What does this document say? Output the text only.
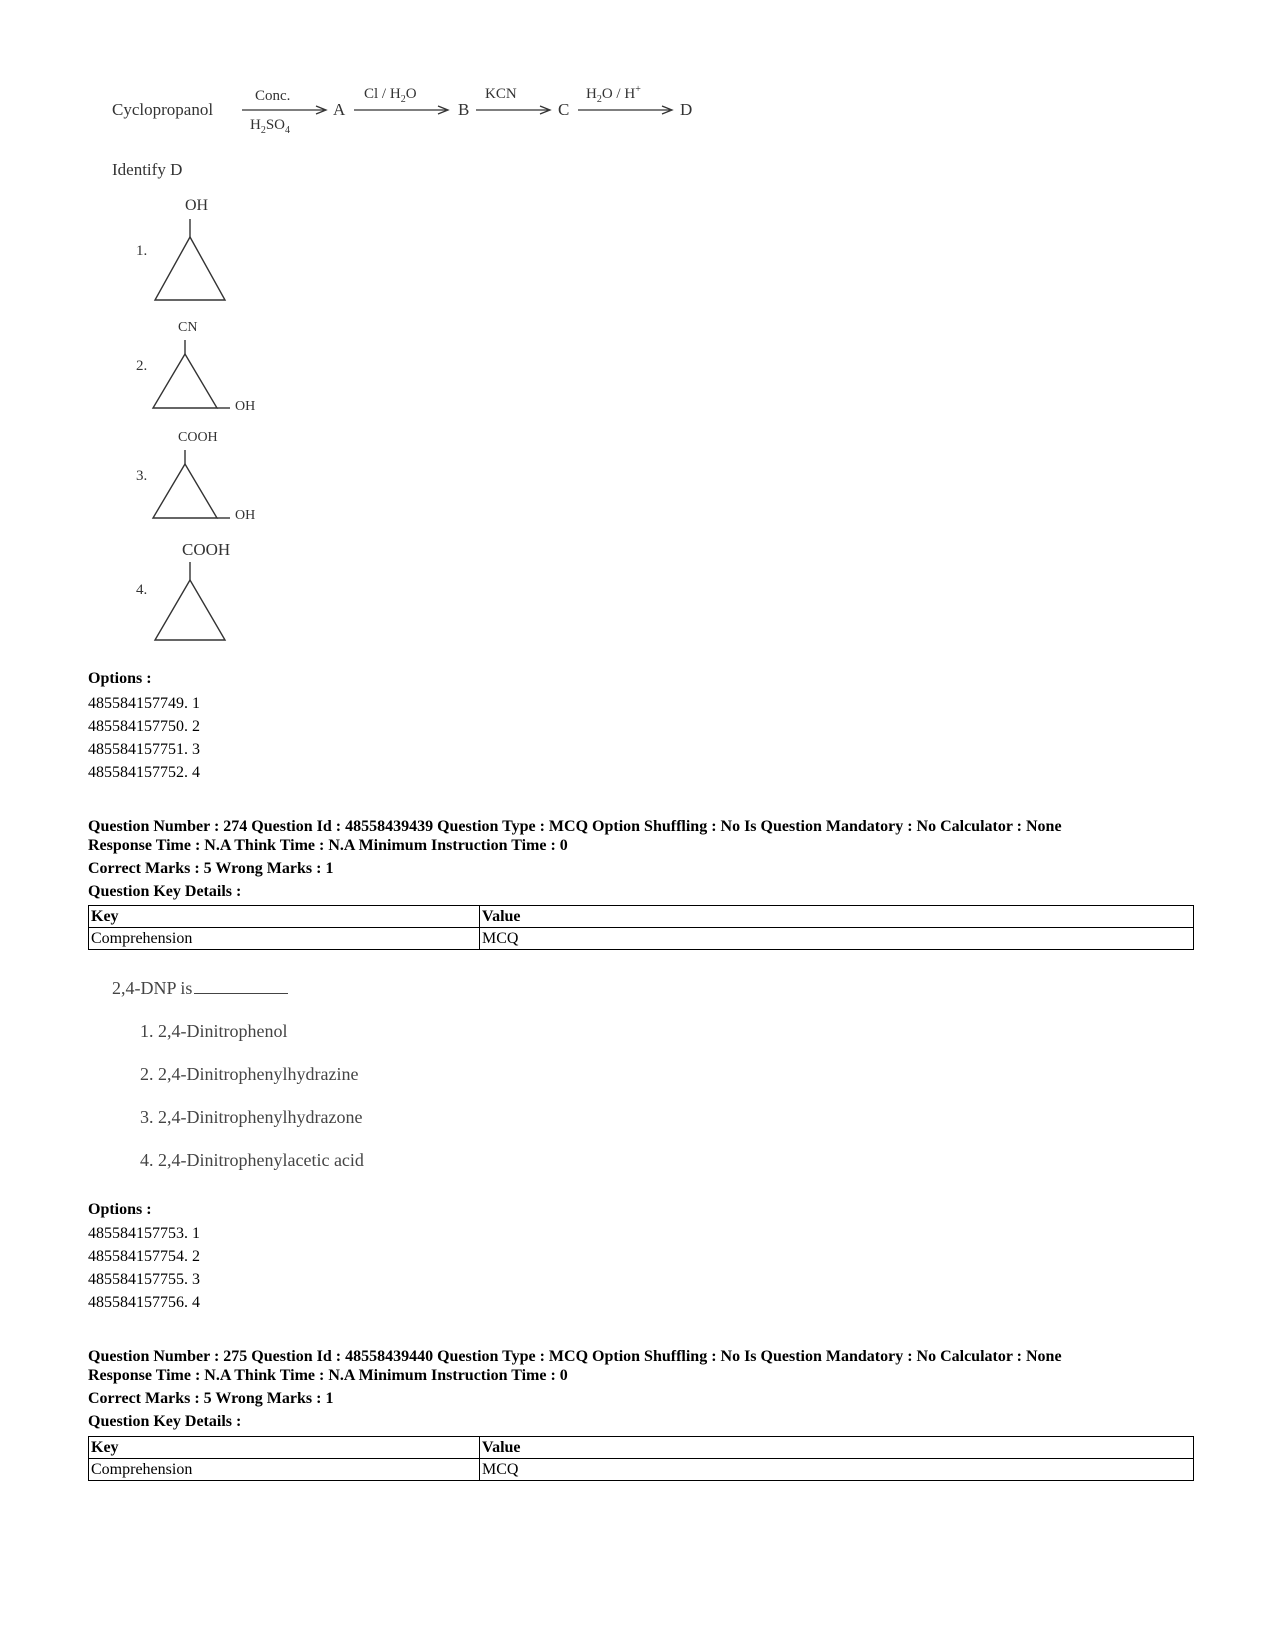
Cyclopropanol
Conc.
$H_2SO_4$
A
Cl / $H_2O$
B
KCN
C
$H_2O / H^+$
D
Identify D
1.
OH
2.
CN
OH
3.
COOH
OH
4.
COOH
Options :
485584157749. 1
485584157750. 2
485584157751. 3
485584157752. 4
Question Number : 274 Question Id : 48558439439 Question Type : MCQ Option Shuffling : No Is Question Mandatory : No Calculator : None
Response Time : N.A Think Time : N.A Minimum Instruction Time : 0
Correct Marks : 5 Wrong Marks : 1
Question Key Details :
Key	Value
Comprehension	MCQ
2,4-DNP is
1. 2,4-Dinitrophenol
2. 2,4-Dinitrophenylhydrazine
3. 2,4-Dinitrophenylhydrazone
4. 2,4-Dinitrophenylacetic acid
Options :
485584157753. 1
485584157754. 2
485584157755. 3
485584157756. 4
Question Number : 275 Question Id : 48558439440 Question Type : MCQ Option Shuffling : No Is Question Mandatory : No Calculator : None
Response Time : N.A Think Time : N.A Minimum Instruction Time : 0
Correct Marks : 5 Wrong Marks : 1
Question Key Details :
Key	Value
Comprehension	MCQ
